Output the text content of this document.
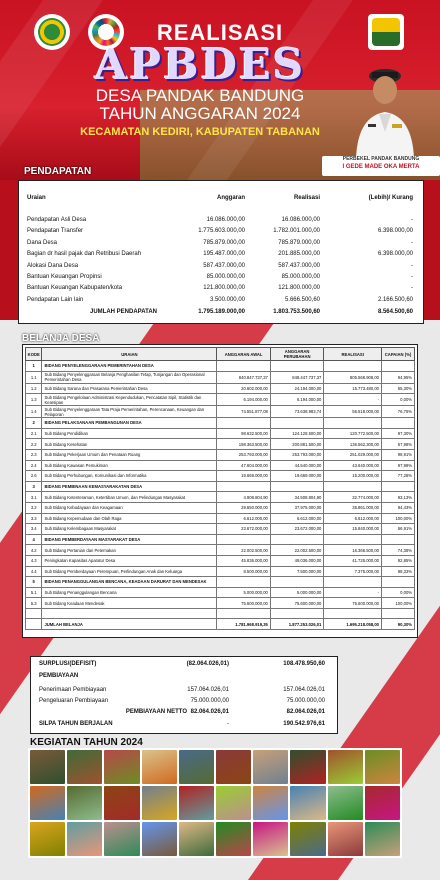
REALISASI
APBDES
DESA PANDAK BANDUNG
TAHUN ANGGARAN 2024
KECAMATAN KEDIRI, KABUPATEN TABANAN
PERBEKEL PANDAK BANDUNG
I GEDE MADE OKA MERTA
PENDAPATAN
Uraian	Anggaran	Realisasi	(Lebih)/ Kurang
Pendapatan Asli Desa	16.086.000,00	16.086.000,00	-
Pendapatan Transfer	1.775.603.000,00	1.782.001.000,00	6.398.000,00
Dana Desa	785.879.000,00	785.879.000,00	-
Bagian dr hasil pajak dan Retribusi Daerah	195.487.000,00	201.885.000,00	6.398.000,00
Alokasi Dana Desa	587.437.000,00	587.437.000,00	-
Bantuan Keuangan Propinsi	85.000.000,00	85.000.000,00	-
Bantuan Keuangan Kabupaten/kota	121.800.000,00	121.800.000,00	-
Pendapatan Lain lain	3.500.000,00	5.666.500,60	2.166.500,60
JUMLAH PENDAPATAN	1.795.189.000,00	1.803.753.500,60	8.564.500,60
BELANJA DESA
KODE	URAIAN	ANGGARAN AWAL	ANGGARAN PERUBAHAN	REALISASI	CAPAIAN (%)
1	BIDANG PENYELENGGARAAN PEMERINTAHAN DESA				
1.1	Sub Bidang Penyelenggaraan Belanja Penghasilan Tetap, Tunjangan dan Operasional Pemerintahan Desa	840.847.737,37	848.447.737,37	805.568.908,00	94,95%
1.2	Sub Bidang Sarana dan Prasarana Pemerintahan Desa	20.602.000,00	24.194.000,00	15.773.480,00	65,30%
1.3	Sub Bidang Pengelolaan Administrasi Kependudukan, Pencatatan Sipil, Statistik dan Kearsipan	6.194.000,00	6.194.000,00	-	0,00%
1.4	Sub Bidang Penyelenggaraan Tata Praja Pemerintahan, Perencanaan, Keuangan dan Pelaporan	74.551.877,08	73.638.983,74	56.518.000,00	76,75%
2	BIDANG PELAKSANAAN PEMBANGUNAN DESA				
2.1	Sub Bidang Pendidikan	98.632.500,00	124.128.500,00	120.772.500,00	97,30%
2.2	Sub Bidang Kesehatan	198.363.500,00	200.881.500,00	136.562.300,00	67,98%
2.3	Sub Bidang Pekerjaan Umum dan Penataan Ruang	253.793.000,00	253.793.000,00	251.029.000,00	98,91%
2.4	Sub Bidang Kawasan Pemukiman	47.604.000,00	44.540.000,00	43.640.000,00	97,98%
2.6	Sub Bidang Perhubungan, Komunikasi dan Informatika	19.669.000,00	19.669.000,00	15.200.000,00	77,28%
3	BIDANG PEMBINAAN KEMASYARAKATAN DESA				
3.1	Sub Bidang Ketenteraman, Ketertiban Umum, dan Pelindungan Masyarakat	4.908.804,90	34.508.804,90	32.774.000,00	93,13%
3.2	Sub Bidang Kebudayaan dan Keagamaan	29.650.000,00	37.975.000,00	35.861.000,00	94,43%
3.3	Sub Bidang Kepemudaan dan Olah Raga	6.612.000,00	6.612.000,00	6.612.000,00	100,00%
3.4	Sub Bidang Kelembagaan Masyarakat	23.672.000,00	23.672.000,00	15.840.000,00	66,91%
4	BIDANG PEMBERDAYAAN MASYARAKAT DESA				
4.2	Sub Bidang Pertanian dan Peternakan	22.002.500,00	22.002.500,00	16.366.500,00	74,38%
4.3	Peningkatan Kapasitas Aparatur Desa	45.836.000,00	49.036.000,00	41.725.000,00	92,85%
4.4	Sub Bidang Pemberdayaan Perempuan, Perlindungan Anak dan Keluarga	8.500.000,00	7.500.000,00	7.375.000,00	98,33%
5	BIDANG PENANGGULANGAN BENCANA, KEADAAN DARURAT DAN MENDESAK				
5.1	Sub Bidang Penanggulangan Bencana	5.000.000,00	5.000.000,00	-	0,00%
5.3	Sub Bidang Keadaan Mendesak	75.600.000,00	75.600.000,00	75.600.000,00	100,00%

	JUMLAH BELANJA	1.781.968.919,35	1.877.253.026,01	1.695.218.058,00	90,30%
SURPLUS/(DEFISIT)	(82.064.026,01)	108.478.950,60
PEMBIAYAAN
Penerimaan Pembiayaan	157.064.026,01	157.064.026,01
Pengeluaran Pembiayaan	75.000.000,00	75.000.000,00
PEMBIAYAAN NETTO 82.064.026,01	82.064.026,01
SILPA TAHUN BERJALAN	-	190.542.976,61
KEGIATAN TAHUN 2024
